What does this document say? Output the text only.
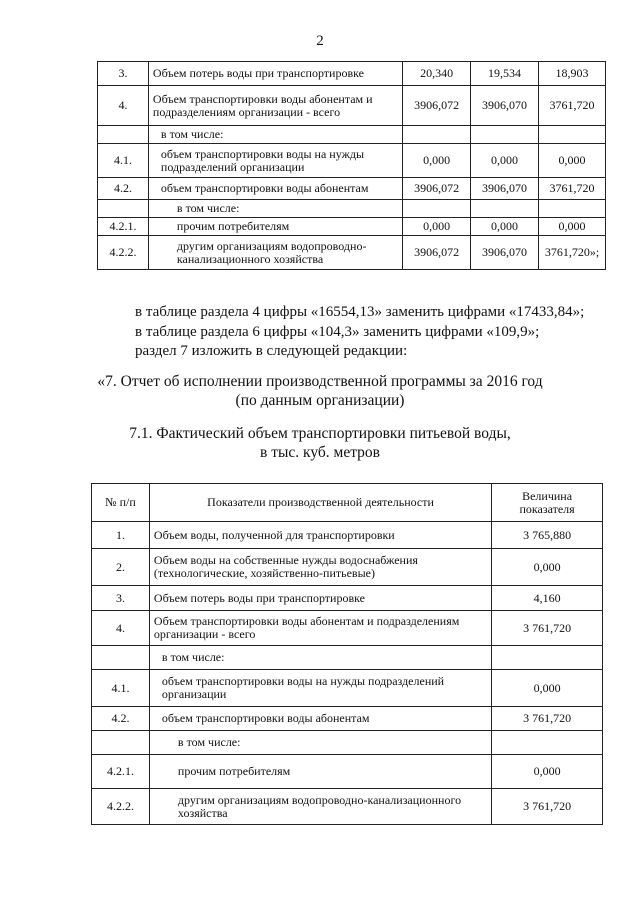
2
3.	Объем потерь воды при транспортировке	20,340	19,534	18,903
4.	Объем транспортировки воды абонентам и подразделениям организации - всего	3906,072	3906,070	3761,720
	в том числе:			
4.1.	объем транспортировки воды на нужды подразделений организации	0,000	0,000	0,000
4.2.	объем транспортировки воды абонентам	3906,072	3906,070	3761,720
	в том числе:			
4.2.1.	прочим потребителям	0,000	0,000	0,000
4.2.2.	другим организациям водопроводно-канализационного хозяйства	3906,072	3906,070	3761,720»;
в таблице раздела 4 цифры «16554,13» заменить цифрами «17433,84»;
в таблице раздела 6 цифры «104,3» заменить цифрами «109,9»;
раздел 7 изложить в следующей редакции:
«7. Отчет об исполнении производственной программы за 2016 год
(по данным организации)
7.1. Фактический объем транспортировки питьевой воды,
в тыс. куб. метров
№ п/п	Показатели производственной деятельности	Величина показателя
1.	Объем воды, полученной для транспортировки	3 765,880
2.	Объем воды на собственные нужды водоснабжения (технологические, хозяйственно-питьевые)	0,000
3.	Объем потерь воды при транспортировке	4,160
4.	Объем транспортировки воды абонентам и подразделениям организации - всего	3 761,720
	в том числе:	
4.1.	объем транспортировки воды на нужды подразделений организации	0,000
4.2.	объем транспортировки воды абонентам	3 761,720
	в том числе:	
4.2.1.	прочим потребителям	0,000
4.2.2.	другим организациям водопроводно-канализационного хозяйства	3 761,720
